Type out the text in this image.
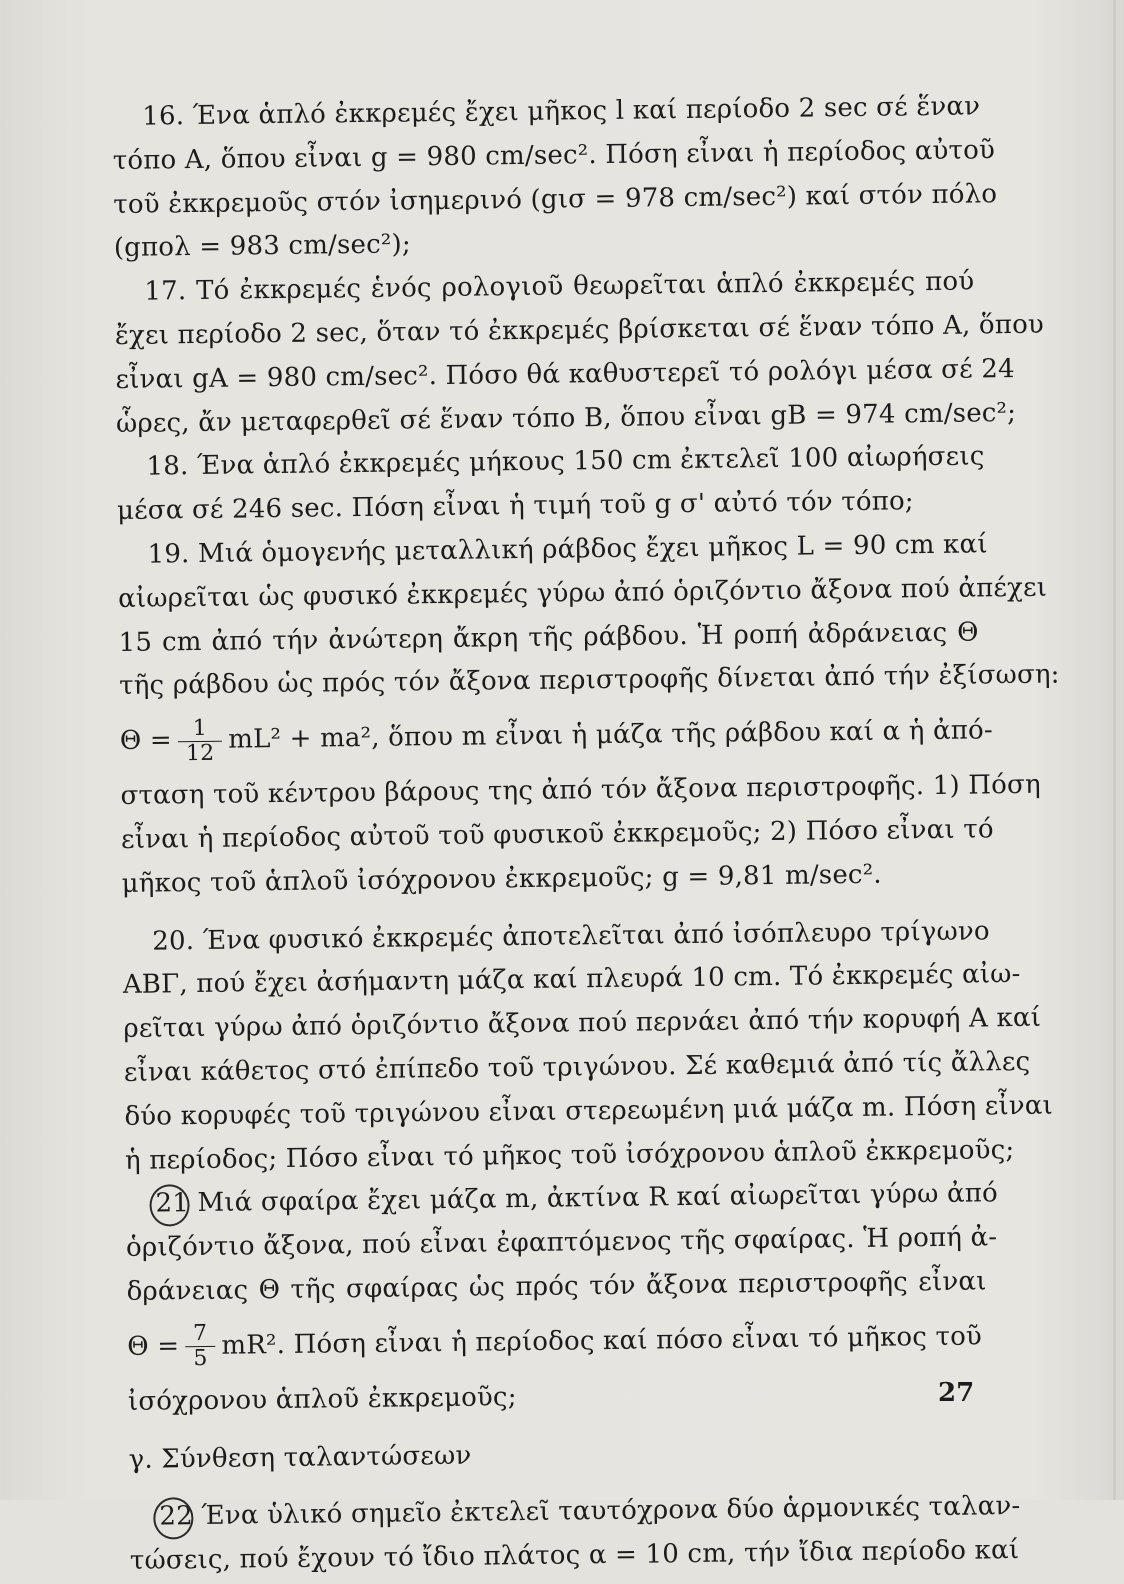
16. Ένα ἁπλό ἐκκρεμές ἔχει μῆκος l καί περίοδο 2 sec σέ ἕναν
τόπο Α, ὅπου εἶναι g = 980 cm/sec². Πόση εἶναι ἡ περίοδος αὐτοῦ
τοῦ ἐκκρεμοῦς στόν ἰσημερινό (gισ = 978 cm/sec²) καί στόν πόλο
(gπολ = 983 cm/sec²);
17. Τό ἐκκρεμές ἑνός ρολογιοῦ θεωρεῖται ἁπλό ἐκκρεμές πού
ἔχει περίοδο 2 sec, ὅταν τό ἐκκρεμές βρίσκεται σέ ἕναν τόπο Α, ὅπου
εἶναι gA = 980 cm/sec². Πόσο θά καθυστερεῖ τό ρολόγι μέσα σέ 24
ὧρες, ἄν μεταφερθεῖ σέ ἕναν τόπο Β, ὅπου εἶναι gB = 974 cm/sec²;
18. Ένα ἁπλό ἐκκρεμές μήκους 150 cm ἐκτελεῖ 100 αἰωρήσεις
μέσα σέ 246 sec. Πόση εἶναι ἡ τιμή τοῦ g σ' αὐτό τόν τόπο;
19. Μιά ὁμογενής μεταλλική ράβδος ἔχει μῆκος L = 90 cm καί
αἰωρεῖται ὡς φυσικό ἐκκρεμές γύρω ἀπό ὁριζόντιο ἄξονα πού ἀπέχει
15 cm ἀπό τήν ἀνώτερη ἄκρη τῆς ράβδου. Ἡ ροπή ἀδράνειας Θ
τῆς ράβδου ὡς πρός τόν ἄξονα περιστροφῆς δίνεται ἀπό τήν ἐξίσωση:
$\Theta = \frac{1}{12} mL^2 + ma^2$, ὅπου m εἶναι ἡ μάζα τῆς ράβδου καί α ἡ ἀπό-
σταση τοῦ κέντρου βάρους της ἀπό τόν ἄξονα περιστροφῆς. 1) Πόση
εἶναι ἡ περίοδος αὐτοῦ τοῦ φυσικοῦ ἐκκρεμοῦς; 2) Πόσο εἶναι τό
μῆκος τοῦ ἁπλοῦ ἰσόχρονου ἐκκρεμοῦς; g = 9,81 m/sec².
20. Ένα φυσικό ἐκκρεμές ἀποτελεῖται ἀπό ἰσόπλευρο τρίγωνο
ΑΒΓ, πού ἔχει ἀσήμαντη μάζα καί πλευρά 10 cm. Τό ἐκκρεμές αἰω-
ρεῖται γύρω ἀπό ὁριζόντιο ἄξονα πού περνάει ἀπό τήν κορυφή Α καί
εἶναι κάθετος στό ἐπίπεδο τοῦ τριγώνου. Σέ καθεμιά ἀπό τίς ἄλλες
δύο κορυφές τοῦ τριγώνου εἶναι στερεωμένη μιά μάζα m. Πόση εἶναι
ἡ περίοδος; Πόσο εἶναι τό μῆκος τοῦ ἰσόχρονου ἁπλοῦ ἐκκρεμοῦς;
21 Μιά σφαίρα ἔχει μάζα m, ἀκτίνα R καί αἰωρεῖται γύρω ἀπό
ὁριζόντιο ἄξονα, πού εἶναι ἐφαπτόμενος τῆς σφαίρας. Ἡ ροπή ἀ-
δράνειας Θ τῆς σφαίρας ὡς πρός τόν ἄξονα περιστροφῆς εἶναι
$\Theta = \frac{7}{5} mR^2$. Πόση εἶναι ἡ περίοδος καί πόσο εἶναι τό μῆκος τοῦ
ἰσόχρονου ἁπλοῦ ἐκκρεμοῦς;
γ. Σύνθεση ταλαντώσεων
22 Ένα ὑλικό σημεῖο ἐκτελεῖ ταυτόχρονα δύο ἁρμονικές ταλαν-
τώσεις, πού ἔχουν τό ἴδιο πλάτος α = 10 cm, τήν ἴδια περίοδο καί
27
